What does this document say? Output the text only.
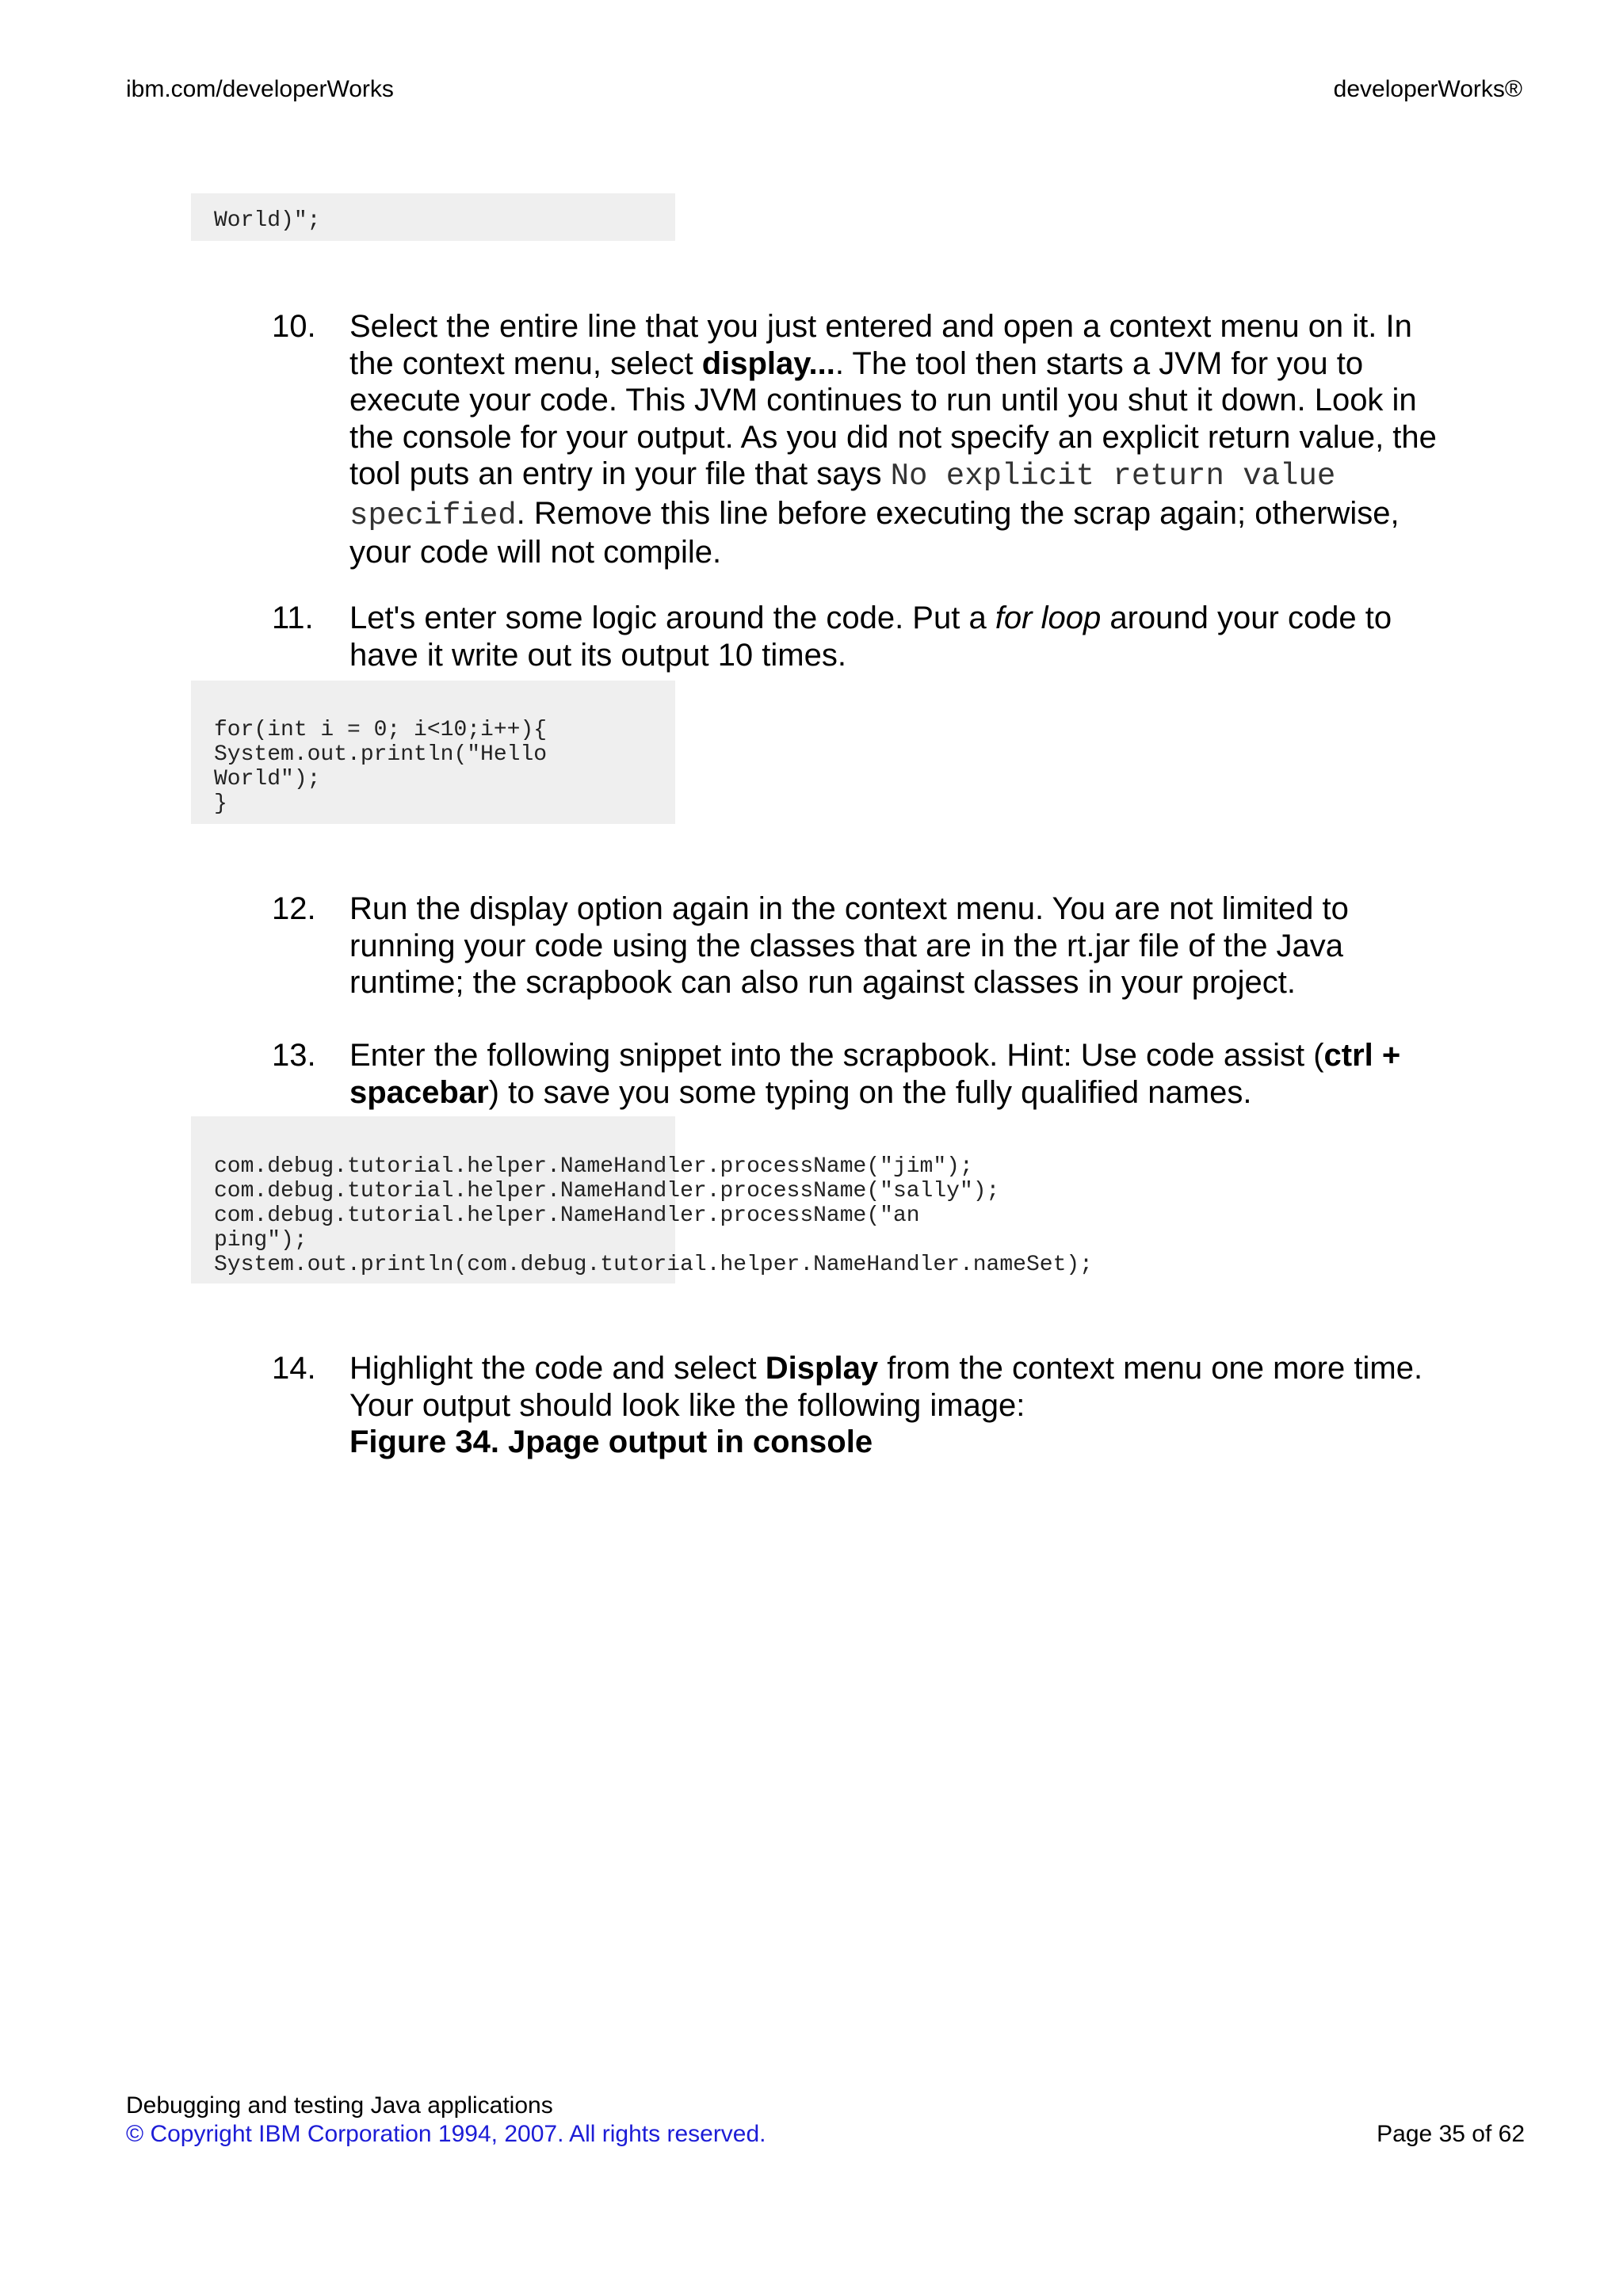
ibm.com/developerWorks	developerWorks®
World)";
10. Select the entire line that you just entered and open a context menu on it. In the context menu, select display.... The tool then starts a JVM for you to execute your code. This JVM continues to run until you shut it down. Look in the console for your output. As you did not specify an explicit return value, the tool puts an entry in your file that says No explicit return value specified. Remove this line before executing the scrap again; otherwise, your code will not compile.
11. Let's enter some logic around the code. Put a for loop around your code to have it write out its output 10 times.
for(int i = 0; i<10;i++){
System.out.println("Hello
World");
}
12. Run the display option again in the context menu. You are not limited to running your code using the classes that are in the rt.jar file of the Java runtime; the scrapbook can also run against classes in your project.
13. Enter the following snippet into the scrapbook. Hint: Use code assist (ctrl + spacebar) to save you some typing on the fully qualified names.
com.debug.tutorial.helper.NameHandler.processName("jim");
com.debug.tutorial.helper.NameHandler.processName("sally");
com.debug.tutorial.helper.NameHandler.processName("an
ping");
System.out.println(com.debug.tutorial.helper.NameHandler.nameSet);
14. Highlight the code and select Display from the context menu one more time. Your output should look like the following image:
Figure 34. Jpage output in console
Debugging and testing Java applications
© Copyright IBM Corporation 1994, 2007. All rights reserved.	Page 35 of 62
